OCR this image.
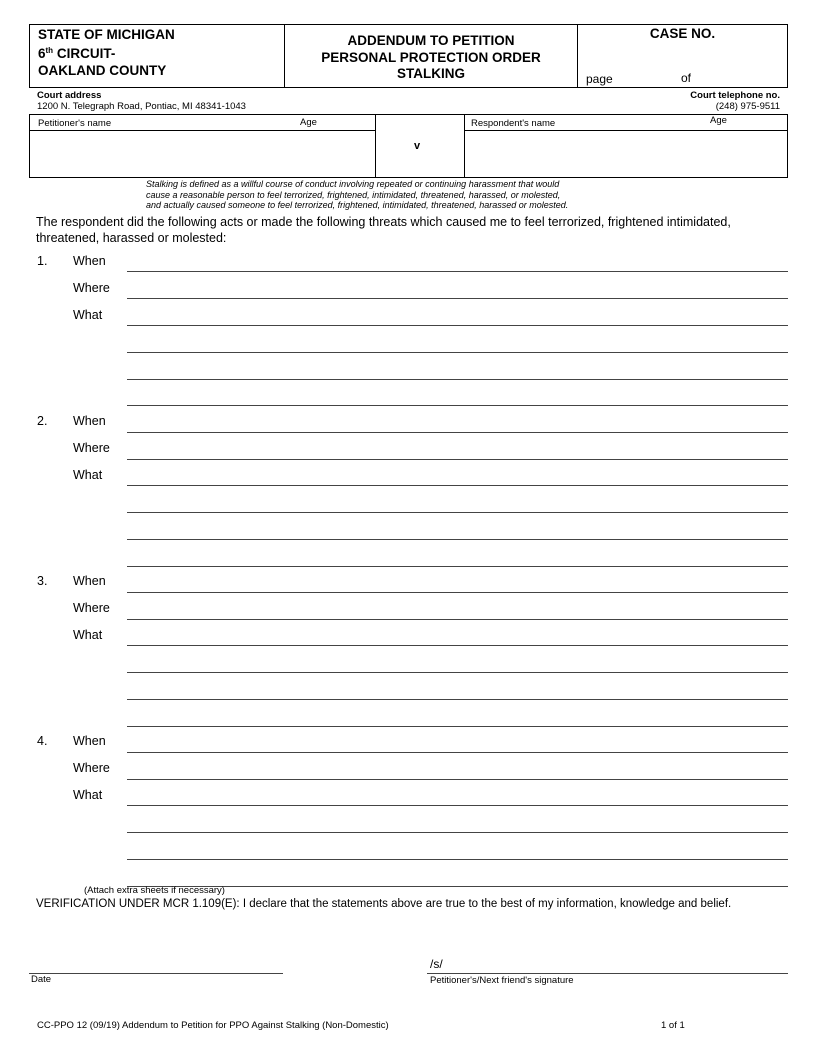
STATE OF MICHIGAN
6th CIRCUIT-
OAKLAND COUNTY
ADDENDUM TO PETITION
PERSONAL PROTECTION ORDER
STALKING
CASE NO.
page	of
Court address
1200 N. Telegraph Road, Pontiac, MI 48341-1043
Court telephone no.
(248) 975-9511
Petitioner's name	Age
v
Respondent's name	Age
Stalking is defined as a willful course of conduct involving repeated or continuing harassment that would
cause a reasonable person to feel terrorized, frightened, intimidated, threatened, harassed, or molested,
and actually caused someone to feel terrorized, frightened, intimidated, threatened, harassed or molested.
The respondent did the following acts or made the following threats which caused me to feel terrorized, frightened intimidated,
threatened, harassed or molested:
1. When
Where
What
2. When
Where
What
3. When
Where
What
4. When
Where
What
(Attach extra sheets if necessary)
VERIFICATION UNDER MCR 1.109(E): I declare that the statements above are true to the best of my information, knowledge and belief.
Date
/s/
Petitioner's/Next friend's signature
CC-PPO 12 (09/19) Addendum to Petition for PPO Against Stalking (Non-Domestic)	1 of 1
